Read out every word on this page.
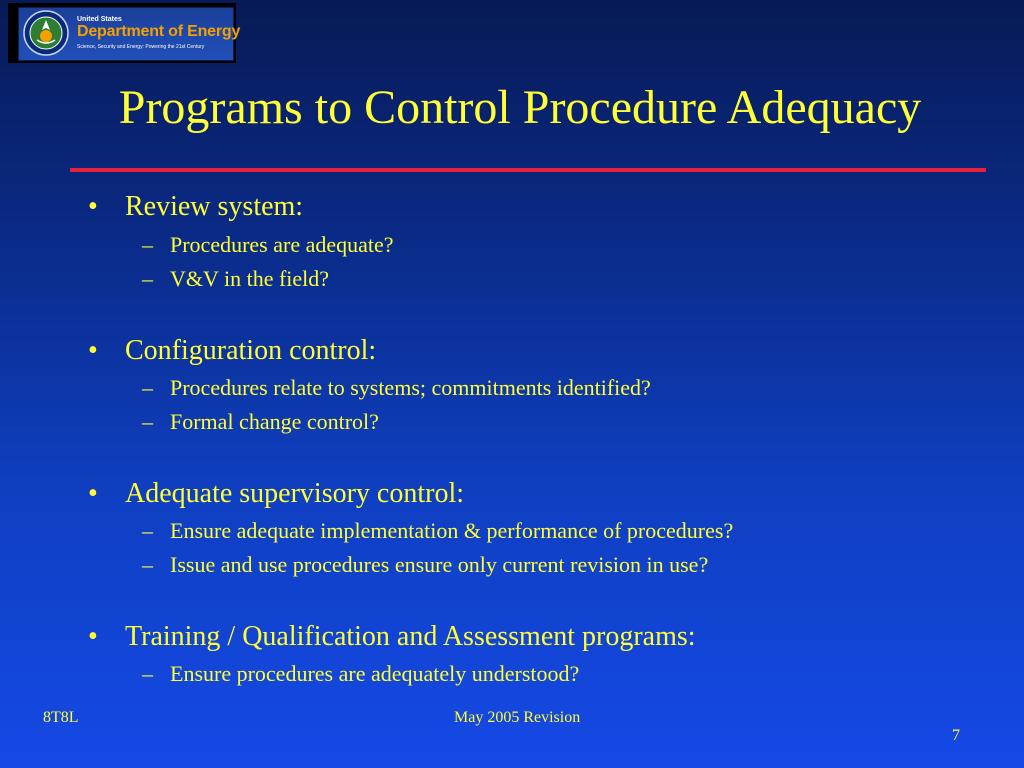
United States
Department of Energy
Science, Security and Energy: Powering the 21st Century
Programs to Control Procedure Adequacy
• Review system:
– Procedures are adequate?
– V&V in the field?
• Configuration control:
– Procedures relate to systems; commitments identified?
– Formal change control?
• Adequate supervisory control:
– Ensure adequate implementation & performance of procedures?
– Issue and use procedures ensure only current revision in use?
• Training / Qualification and Assessment programs:
– Ensure procedures are adequately understood?
8T8L	May 2005 Revision
7
